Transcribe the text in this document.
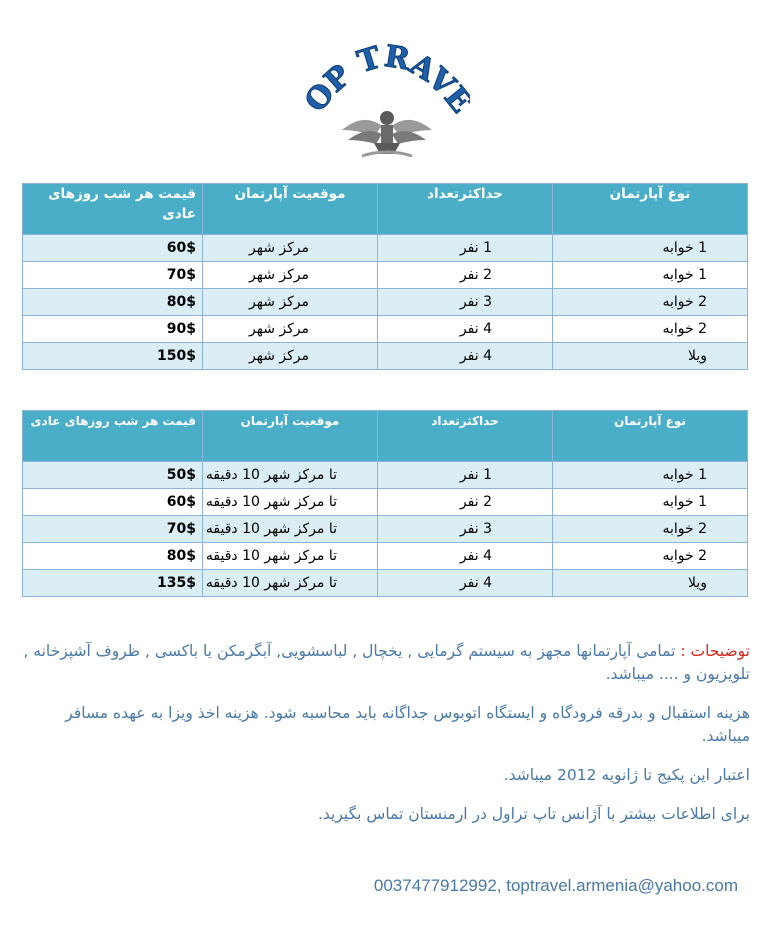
P TRAV
نوع آپارتمان	حداکثرتعداد	موقعیت آپارتمان	قیمت هر شب روزهای عادی
1 خوابه	1 نفر	مرکز شهر	60$
1 خوابه	2 نفر	مرکز شهر	70$
2 خوابه	3 نفر	مرکز شهر	80$
2 خوابه	4 نفر	مرکز شهر	90$
ویلا	4 نفر	مرکز شهر	150$
نوع آپارتمان	حداکثرتعداد	موقعیت آپارتمان	قیمت هر شب روزهای عادی
1 خوابه	1 نفر	تا مرکز شهر 10 دقیقه	50$
1 خوابه	2 نفر	تا مرکز شهر 10 دقیقه	60$
2 خوابه	3 نفر	تا مرکز شهر 10 دقیقه	70$
2 خوابه	4 نفر	تا مرکز شهر 10 دقیقه	80$
ویلا	4 نفر	تا مرکز شهر 10 دقیقه	135$

توضیحات : تمامی آپارتمانها مجهز به سیستم گرمایی , یخچال , لباسشویی, آبگرمکن یا باکسی , ظروف آشپزخانه , تلویزیون و .... میباشد.

هزینه استقبال و بدرقه فرودگاه و ایستگاه اتوبوس جداگانه باید محاسبه شود. هزینه اخذ ویزا به عهده مسافر میباشد.

اعتبار این پکیج تا ژانویه 2012 میباشد.

برای اطلاعات بیشتر با آژانس تاپ تراول در ارمنستان تماس بگیرید.

0037477912992, toptravel.armenia@yahoo.com
